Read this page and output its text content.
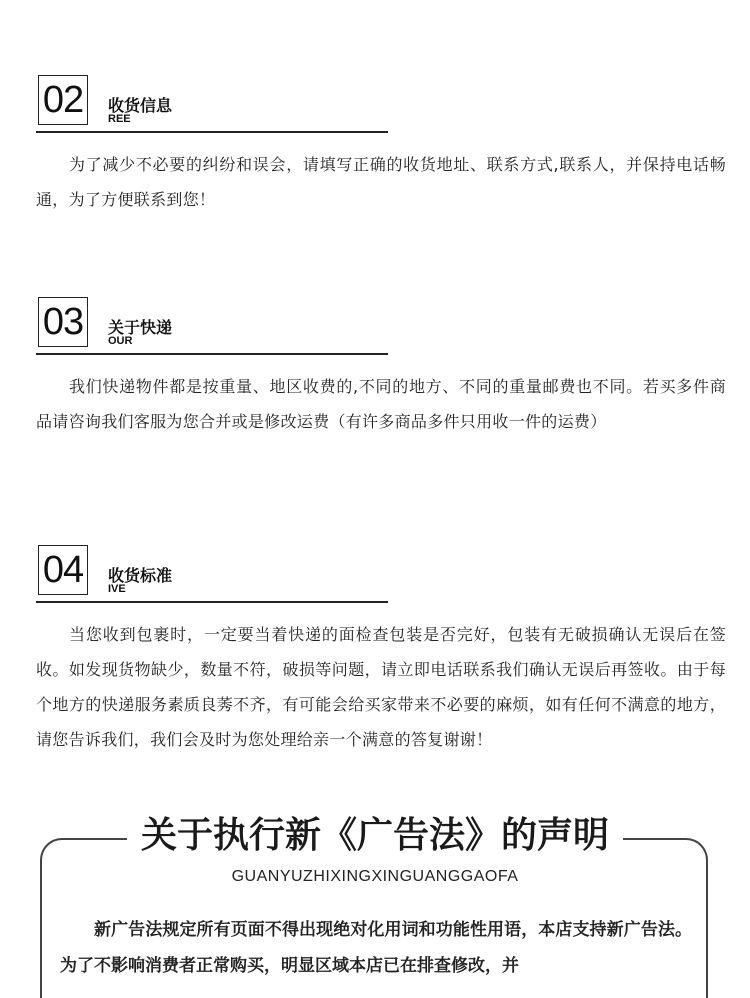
02	收货信息
REE

为了减少不必要的纠纷和误会，请填写正确的收货地址、联系方式,联系人，并保持电话畅通，为了方便联系到您！

03	关于快递
OUR

我们快递物件都是按重量、地区收费的,不同的地方、不同的重量邮费也不同。若买多件商品请咨询我们客服为您合并或是修改运费（有许多商品多件只用收一件的运费）

04	收货标准
IVE

当您收到包裹时，一定要当着快递的面检查包装是否完好，包装有无破损确认无误后在签收。如发现货物缺少，数量不符，破损等问题，请立即电话联系我们确认无误后再签收。由于每个地方的快递服务素质良莠不齐，有可能会给买家带来不必要的麻烦，如有任何不满意的地方，请您告诉我们，我们会及时为您处理给亲一个满意的答复谢谢！

关于执行新《广告法》的声明
GUANYUZHIXINGXINGUANGGAOFA
新广告法规定所有页面不得出现绝对化用词和功能性用语，本店支持新广告法。为了不影响消费者正常购买，明显区域本店已在排查修改，并
